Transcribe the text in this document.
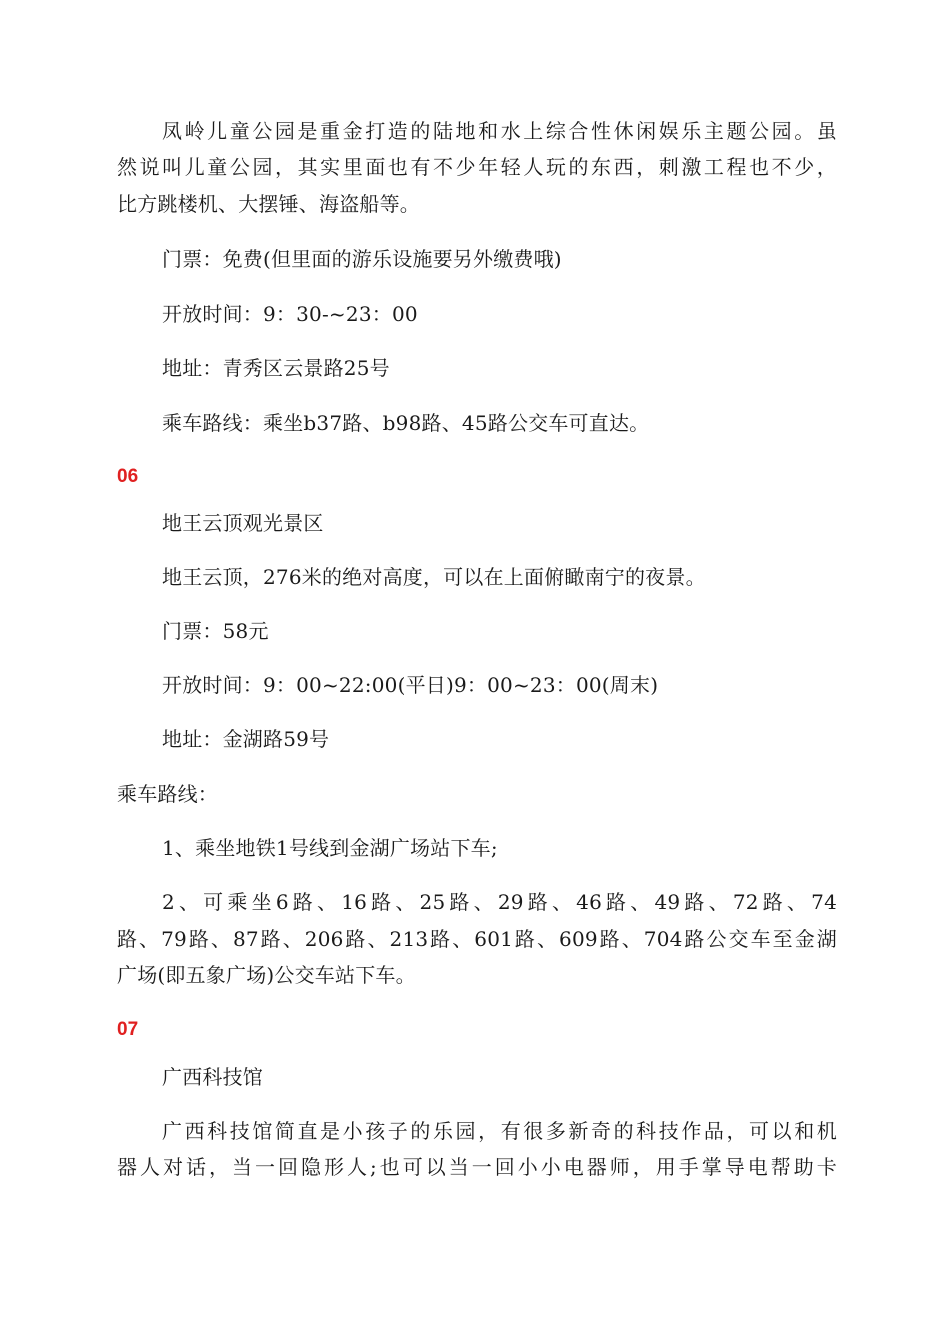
凤岭儿童公园是重金打造的陆地和水上综合性休闲娱乐主题公园。虽
然说叫儿童公园，其实里面也有不少年轻人玩的东西，刺激工程也不少，
比方跳楼机、大摆锤、海盗船等。
门票：免费(但里面的游乐设施要另外缴费哦)
开放时间：9：30-~23：00
地址：青秀区云景路25号
乘车路线：乘坐b37路、b98路、45路公交车可直达。
06
地王云顶观光景区
地王云顶，276米的绝对高度，可以在上面俯瞰南宁的夜景。
门票：58元
开放时间：9：00~22:00(平日)9：00~23：00(周末)
地址：金湖路59号
乘车路线：
1、乘坐地铁1号线到金湖广场站下车;
2、可乘坐6路、16路、25路、29路、46路、49路、72路、74
路、79路、87路、206路、213路、601路、609路、704路公交车至金湖
广场(即五象广场)公交车站下车。
07
广西科技馆
广西科技馆简直是小孩子的乐园，有很多新奇的科技作品，可以和机
器人对话，当一回隐形人;也可以当一回小小电器师，用手掌导电帮助卡
